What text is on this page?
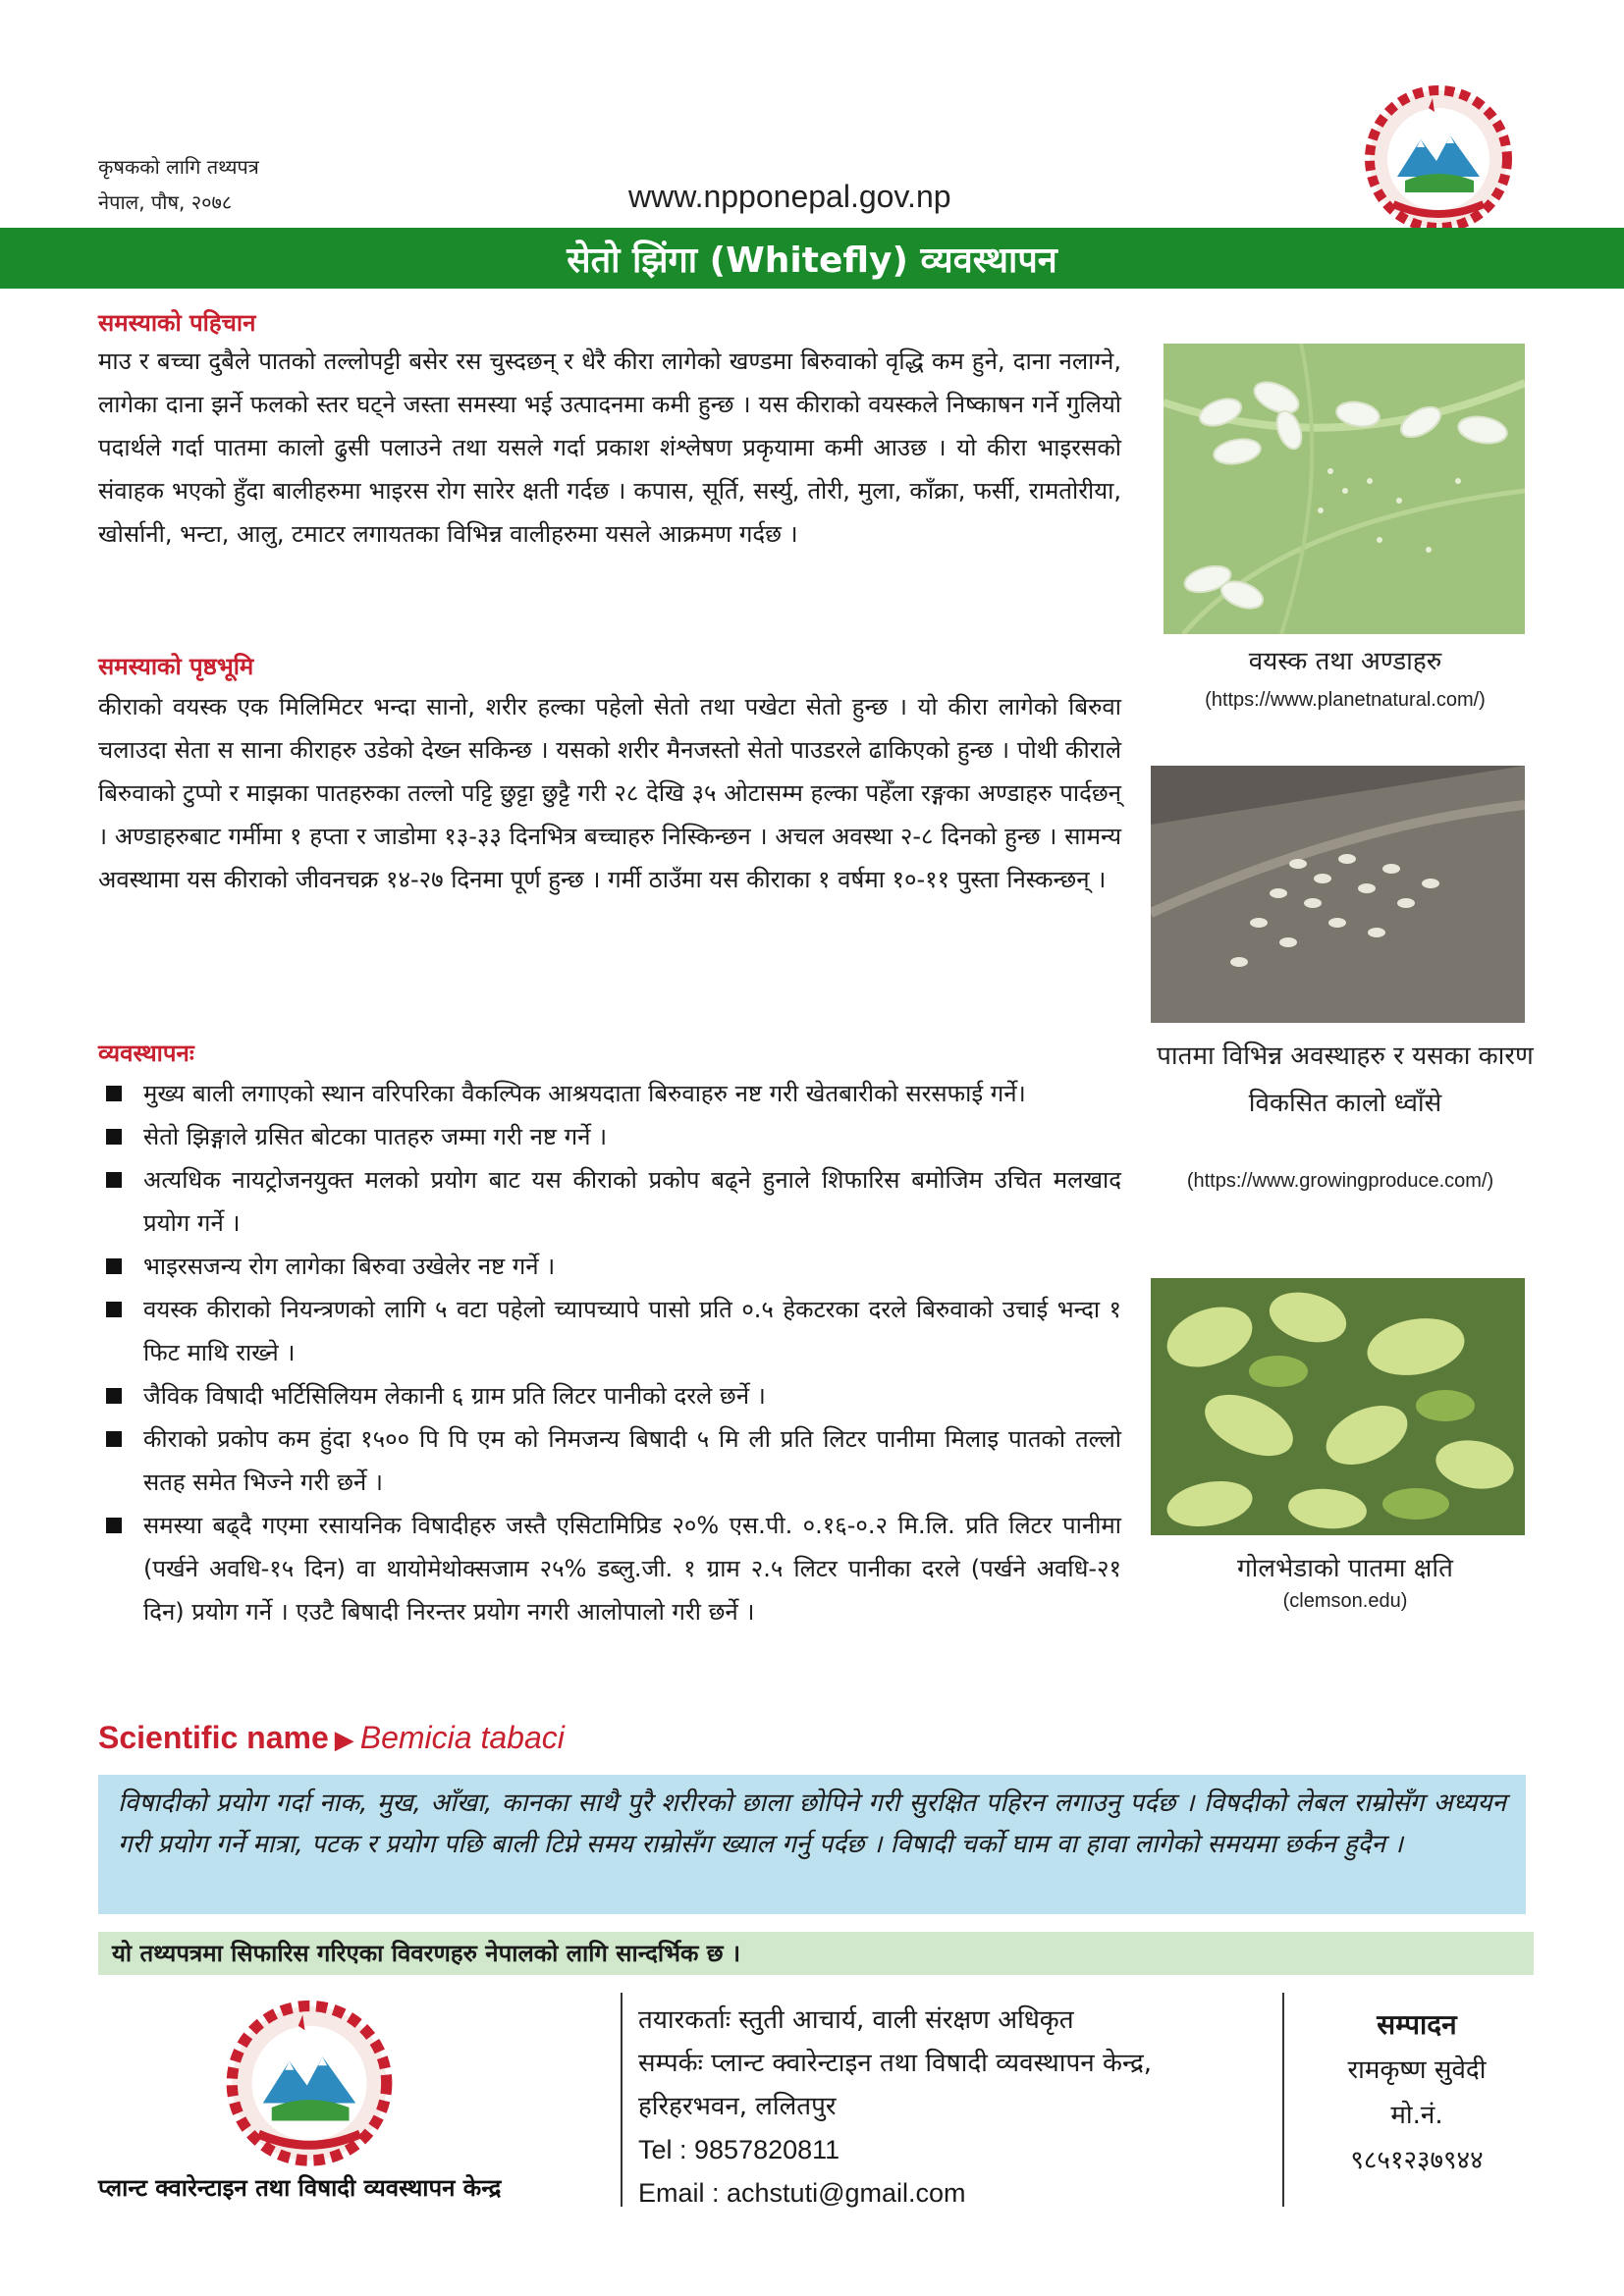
कृषकको लागि तथ्यपत्र
नेपाल, पौष, २०७८	www.npponepal.gov.np
सेतो झिंगा (Whitefly) व्यवस्थापन
समस्याको पहिचान
माउ र बच्चा दुबैले पातको तल्लोपट्टी बसेर रस चुस्दछन् र धेरै कीरा लागेको खण्डमा बिरुवाको वृद्धि कम हुने, दाना नलाग्ने, लागेका दाना झर्ने फलको स्तर घट्ने जस्ता समस्या भई उत्पादनमा कमी हुन्छ । यस कीराको वयस्कले निष्काषन गर्ने गुलियो पदार्थले गर्दा पातमा कालो ढुसी पलाउने तथा यसले गर्दा प्रकाश शंश्लेषण प्रकृयामा कमी आउछ । यो कीरा भाइरसको संवाहक भएको हुँदा बालीहरुमा भाइरस रोग सारेर क्षती गर्दछ । कपास, सूर्ति, सर्स्यु, तोरी, मुला, काँक्रा, फर्सी, रामतोरीया, खोर्सानी, भन्टा, आलु, टमाटर लगायतका विभिन्न वालीहरुमा यसले आक्रमण गर्दछ ।
समस्याको पृष्ठभूमि
कीराको वयस्क एक मिलिमिटर भन्दा सानो, शरीर हल्का पहेलो सेतो तथा पखेटा सेतो हुन्छ । यो कीरा लागेको बिरुवा चलाउदा सेता स साना कीराहरु उडेको देख्न सकिन्छ । यसको शरीर मैनजस्तो सेतो पाउडरले ढाकिएको हुन्छ । पोथी कीराले बिरुवाको टुप्पो र माझका पातहरुका तल्लो पट्टि छुट्टा छुट्टै गरी २८ देखि ३५ ओटासम्म हल्का पहेँला रङ्गका अण्डाहरु पार्दछन् । अण्डाहरुबाट गर्मीमा १ हप्ता र जाडोमा १३-३३ दिनभित्र बच्चाहरु निस्किन्छन । अचल अवस्था २-८ दिनको हुन्छ । सामन्य अवस्थामा यस कीराको जीवनचक्र १४-२७ दिनमा पूर्ण हुन्छ । गर्मी ठाउँमा यस कीराका १ वर्षमा १०-११ पुस्ता निस्कन्छन् ।
व्यवस्थापनः
मुख्य बाली लगाएको स्थान वरिपरिका वैकल्पिक आश्रयदाता बिरुवाहरु नष्ट गरी खेतबारीको सरसफाई गर्ने।
सेतो झिङ्गाले ग्रसित बोटका पातहरु जम्मा गरी नष्ट गर्ने ।
अत्यधिक नायट्रोजनयुक्त मलको प्रयोग बाट यस कीराको प्रकोप बढ्ने हुनाले शिफारिस बमोजिम उचित मलखाद प्रयोग गर्ने ।
भाइरसजन्य रोग लागेका बिरुवा उखेलेर नष्ट गर्ने ।
वयस्क कीराको नियन्त्रणको लागि ५ वटा पहेलो च्यापच्यापे पासो प्रति ०.५ हेकटरका दरले बिरुवाको उचाई भन्दा १ फिट माथि राख्ने ।
जैविक विषादी भर्टिसिलियम लेकानी ६ ग्राम प्रति लिटर पानीको दरले छर्ने ।
कीराको प्रकोप कम हुंदा १५०० पि पि एम को निमजन्य बिषादी ५ मि ली प्रति लिटर पानीमा मिलाइ पातको तल्लो सतह समेत भिज्ने गरी छर्ने ।
समस्या बढ्दै गएमा रसायनिक विषादीहरु जस्तै एसिटामिप्रिड २०% एस.पी. ०.१६-०.२ मि.लि. प्रति लिटर पानीमा (पर्खने अवधि-१५ दिन) वा थायोमेथोक्सजाम २५% डब्लु.जी. १ ग्राम २.५ लिटर पानीका दरले (पर्खने अवधि-२१ दिन) प्रयोग गर्ने । एउटै बिषादी निरन्तर प्रयोग नगरी आलोपालो गरी छर्ने ।
वयस्क तथा अण्डाहरु
(https://www.planetnatural.com/)
पातमा विभिन्न अवस्थाहरु र यसका कारण विकसित कालो ध्वाँसे
(https://www.growingproduce.com/)
गोलभेडाको पातमा क्षति
(clemson.edu)
Scientific name ▶ Bemicia tabaci
विषादीको प्रयोग गर्दा नाक, मुख, आँखा, कानका साथै पुरै शरीरको छाला छोपिने गरी सुरक्षित पहिरन लगाउनु पर्दछ । विषदीको लेबल राम्रोसँग अध्ययन गरी प्रयोग गर्ने मात्रा, पटक र प्रयोग पछि बाली टिप्ने समय राम्रोसँग ख्याल गर्नु पर्दछ । विषादी चर्को घाम वा हावा लागेको समयमा छर्कन हुदैन ।
यो तथ्यपत्रमा सिफारिस गरिएका विवरणहरु नेपालको लागि सान्दर्भिक छ ।
प्लान्ट क्वारेन्टाइन तथा विषादी व्यवस्थापन केन्द्र
तयारकर्ताः स्तुती आचार्य, वाली संरक्षण अधिकृत
सम्पर्कः प्लान्ट क्वारेन्टाइन तथा विषादी व्यवस्थापन केन्द्र,
हरिहरभवन, ललितपुर
Tel : 9857820811
Email : achstuti@gmail.com
सम्पादन
रामकृष्ण सुवेदी
मो.नं.
९८५१२३७९४४
